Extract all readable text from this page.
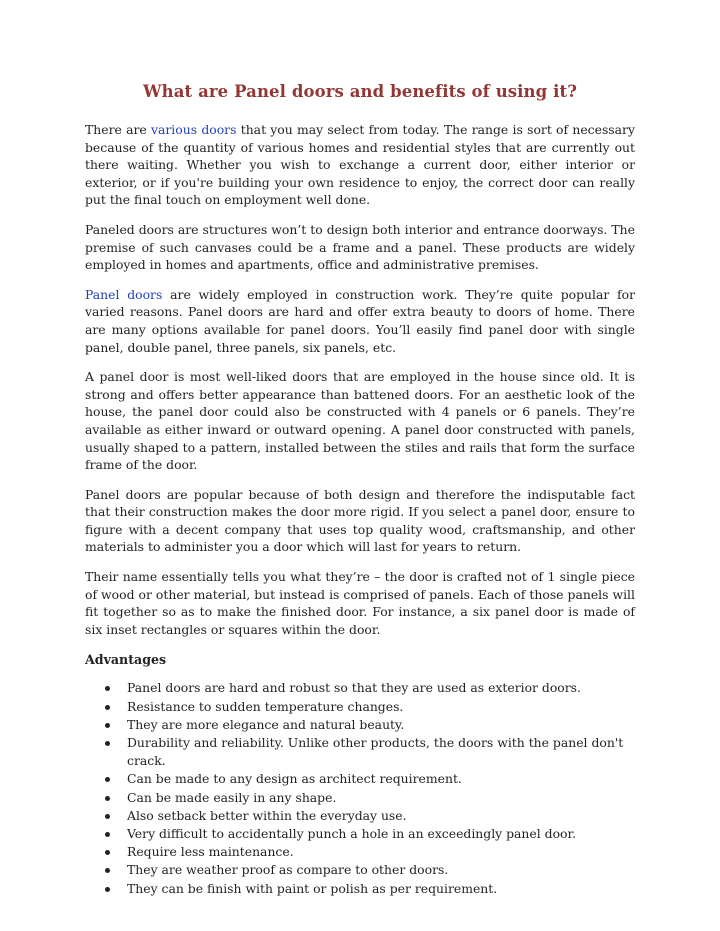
What are Panel doors and benefits of using it?

There are various doors that you may select from today. The range is sort of necessary because of the quantity of various homes and residential styles that are currently out there waiting. Whether you wish to exchange a current door, either interior or exterior, or if you're building your own residence to enjoy, the correct door can really put the final touch on employment well done.

Paneled doors are structures won’t to design both interior and entrance doorways. The premise of such canvases could be a frame and a panel. These products are widely employed in homes and apartments, office and administrative premises.

Panel doors are widely employed in construction work. They’re quite popular for varied reasons. Panel doors are hard and offer extra beauty to doors of home. There are many options available for panel doors. You’ll easily find panel door with single panel, double panel, three panels, six panels, etc.

A panel door is most well-liked doors that are employed in the house since old. It is strong and offers better appearance than battened doors. For an aesthetic look of the house, the panel door could also be constructed with 4 panels or 6 panels. They’re available as either inward or outward opening. A panel door constructed with panels, usually shaped to a pattern, installed between the stiles and rails that form the surface frame of the door.

Panel doors are popular because of both design and therefore the indisputable fact that their construction makes the door more rigid. If you select a panel door, ensure to figure with a decent company that uses top quality wood, craftsmanship, and other materials to administer you a door which will last for years to return.

Their name essentially tells you what they’re – the door is crafted not of 1 single piece of wood or other material, but instead is comprised of panels. Each of those panels will fit together so as to make the finished door. For instance, a six panel door is made of six inset rectangles or squares within the door.

Advantages
Panel doors are hard and robust so that they are used as exterior doors.
Resistance to sudden temperature changes.
They are more elegance and natural beauty.
Durability and reliability. Unlike other products, the doors with the panel don't crack.
Can be made to any design as architect requirement.
Can be made easily in any shape.
Also setback better within the everyday use.
Very difficult to accidentally punch a hole in an exceedingly panel door.
Require less maintenance.
They are weather proof as compare to other doors.
They can be finish with paint or polish as per requirement.
